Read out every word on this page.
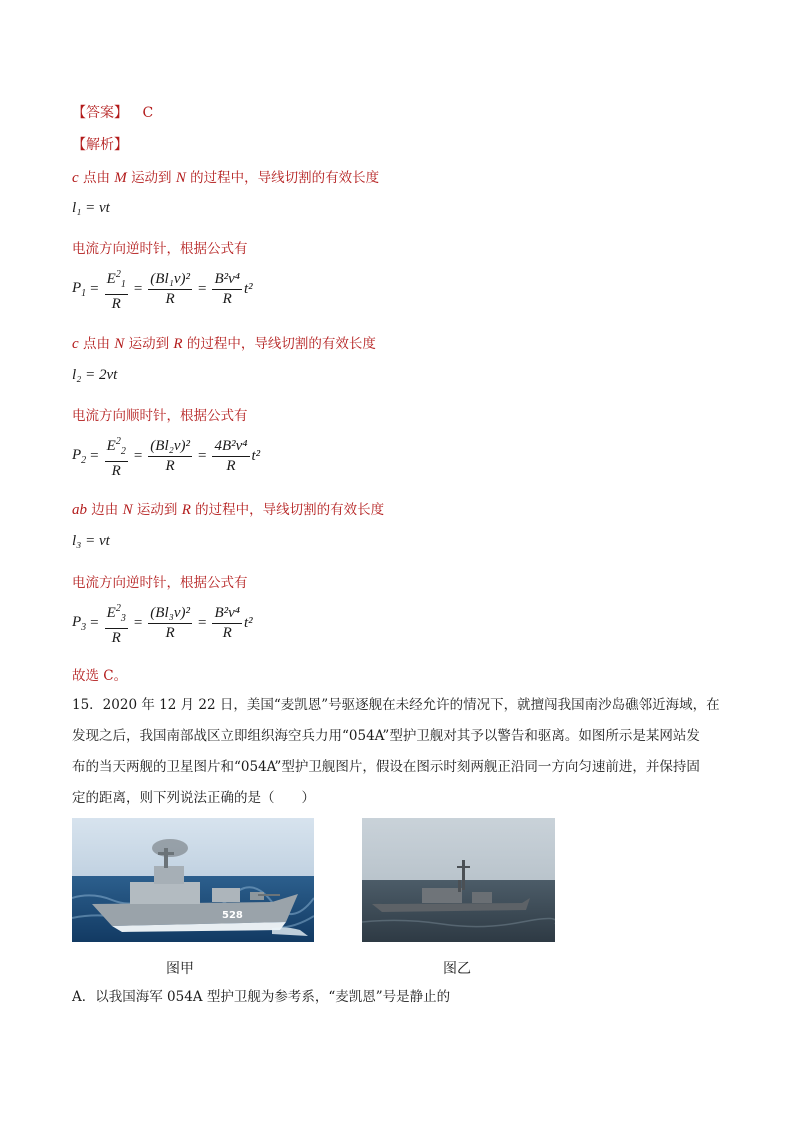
【答案】 C
【解析】
c 点由 M 运动到 N 的过程中，导线切割的有效长度
l₁ = vt
电流方向逆时针，根据公式有
$P_1 = \frac{E^2_1}{R} = \frac{\text{(Bl₁v)²}}{R} = \frac{\text{B²v⁴}}{R} t^2$
c 点由 N 运动到 R 的过程中，导线切割的有效长度
l₂ = 2vt
电流方向顺时针，根据公式有
$P_2 = \frac{E^2_2}{R} = \frac{\text{(Bl₂v)²}}{R} = \frac{\text{4B²v⁴}}{R} t^2$
ab 边由 N 运动到 R 的过程中，导线切割的有效长度
l₃ = vt
电流方向逆时针，根据公式有
$P_3 = \frac{E^2_3}{R} = \frac{\text{(Bl₃v)²}}{R} = \frac{\text{B²v⁴}}{R} t^2$
故选 C。
15．2020 年 12 月 22 日，美国“麦凯恩”号驱逐舰在未经允许的情况下，就擅闯我国南沙岛礁邻近海域，在
发现之后，我国南部战区立即组织海空兵力用“054A”型护卫舰对其予以警告和驱离。如图所示是某网站发
布的当天两舰的卫星图片和“054A”型护卫舰图片，假设在图示时刻两舰正沿同一方向匀速前进，并保持固
定的距离，则下列说法正确的是（　　）
528
图甲	图乙
A．以我国海军 054A 型护卫舰为参考系，“麦凯恩”号是静止的
